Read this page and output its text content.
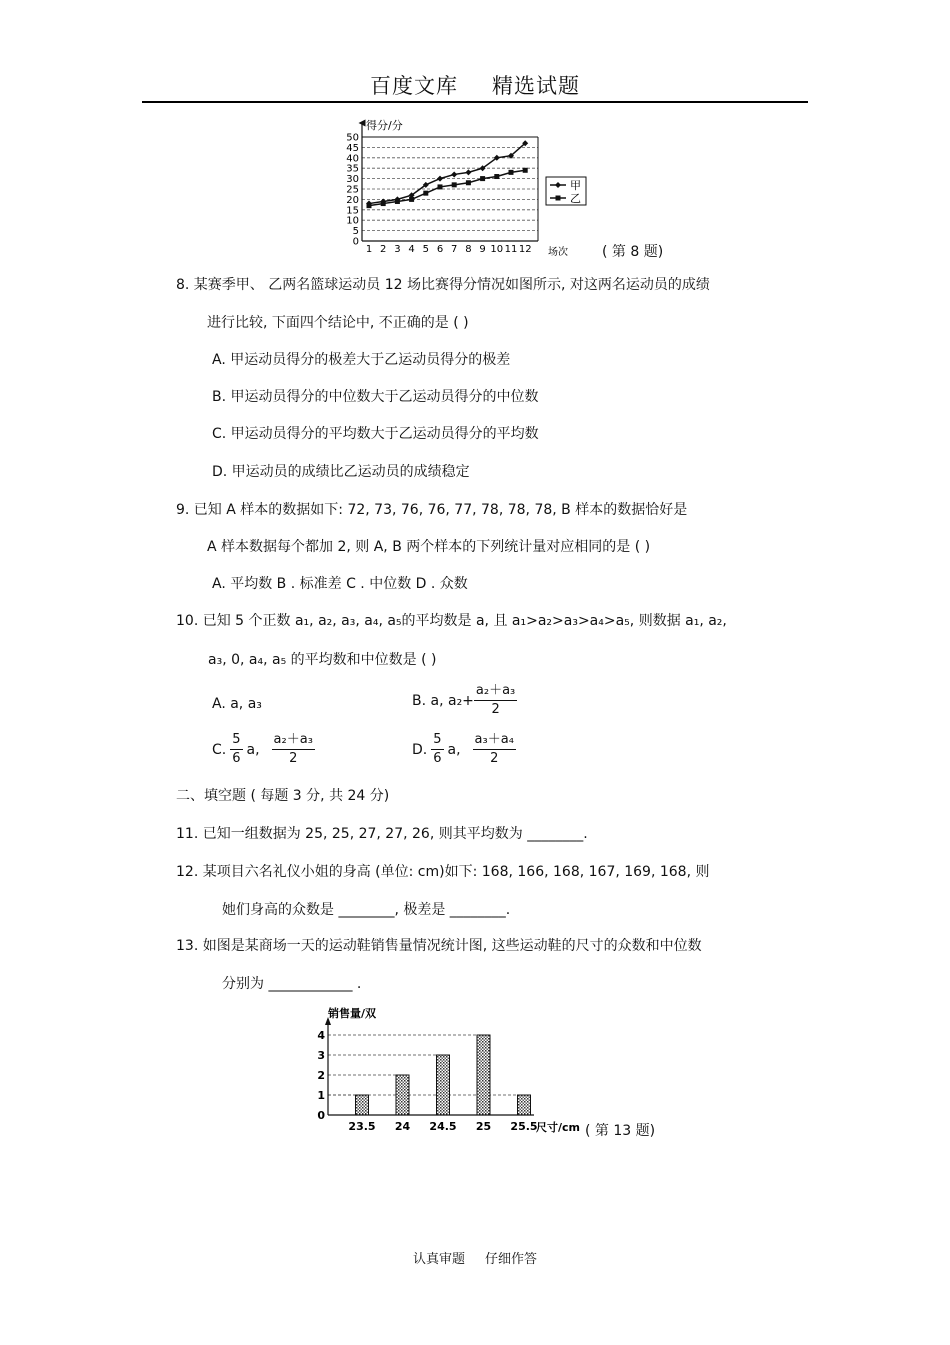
百度文库 精选试题
0
5
10
15
20
25
30
35
40
45
50
1 2 3 4 5 6 7 8 9 10 11 12
得分/分
场次
甲
乙
( 第 8 题)
8. 某赛季甲、 乙两名篮球运动员 12 场比赛得分情况如图所示, 对这两名运动员的成绩
进行比较, 下面四个结论中, 不正确的是 ( )
A. 甲运动员得分的极差大于乙运动员得分的极差
B. 甲运动员得分的中位数大于乙运动员得分的中位数
C. 甲运动员得分的平均数大于乙运动员得分的平均数
D. 甲运动员的成绩比乙运动员的成绩稳定
9. 已知 A 样本的数据如下: 72, 73, 76, 76, 77, 78, 78, 78, B 样本的数据恰好是
A 样本数据每个都加 2, 则 A, B 两个样本的下列统计量对应相同的是 ( )
A. 平均数 B . 标准差 C . 中位数 D . 众数
10. 已知 5 个正数 a₁, a₂, a₃, a₄, a₅的平均数是 a, 且 a₁>a₂>a₃>a₄>a₅, 则数据 a₁, a₂,
a₃, 0, a₄, a₅ 的平均数和中位数是 ( )
A. a, a₃	B. a, $a_2+ \frac{\text{a₂＋a₃}}{2}$
C. $\frac{5}{6} a$, $\frac{\text{a₂＋a₃}}{2}$	D. $\frac{5}{6} a$, $\frac{\text{a₃＋a₄}}{2}$
二、填空题 ( 每题 3 分, 共 24 分)
11. 已知一组数据为 25, 25, 27, 27, 26, 则其平均数为 ________.
12. 某项目六名礼仪小姐的身高 (单位: cm)如下: 168, 166, 168, 167, 169, 168, 则
她们身高的众数是 ________, 极差是 ________.
13. 如图是某商场一天的运动鞋销售量情况统计图, 这些运动鞋的尺寸的众数和中位数
分别为 ____________ .
0
1
2
3
4
23.5 24 24.5 25 25.5
销售量/双
尺寸/cm ( 第 13 题)
认真审题 仔细作答
